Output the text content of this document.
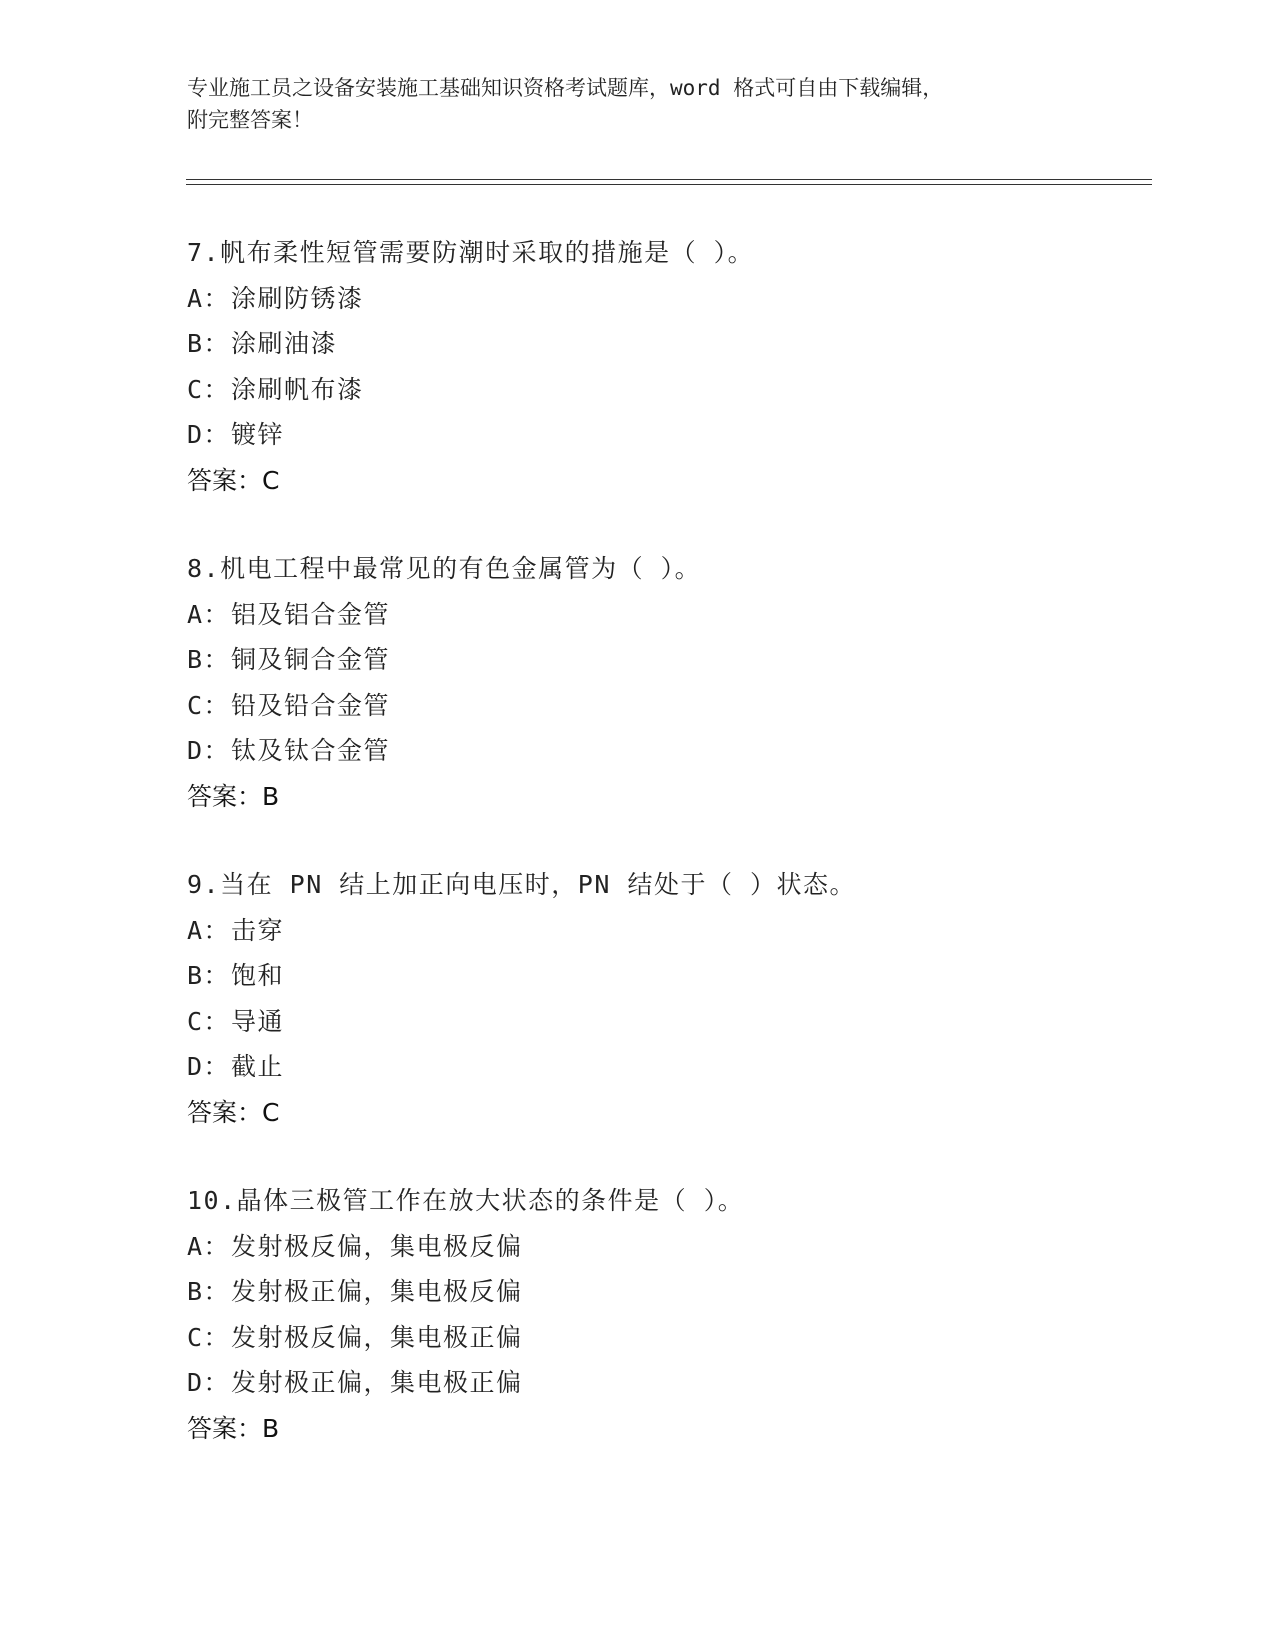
专业施工员之设备安装施工基础知识资格考试题库，word 格式可自由下载编辑，

附完整答案！

7.帆布柔性短管需要防潮时采取的措施是（ ）。
A：涂刷防锈漆
B：涂刷油漆
C：涂刷帆布漆
D：镀锌
答案：C
8.机电工程中最常见的有色金属管为（ ）。
A：铝及铝合金管
B：铜及铜合金管
C：铅及铅合金管
D：钛及钛合金管
答案：B
9.当在 PN 结上加正向电压时，PN 结处于（ ）状态。
A：击穿
B：饱和
C：导通
D：截止
答案：C
10.晶体三极管工作在放大状态的条件是（ ）。
A：发射极反偏，集电极反偏
B：发射极正偏，集电极反偏
C：发射极反偏，集电极正偏
D：发射极正偏，集电极正偏
答案：B
